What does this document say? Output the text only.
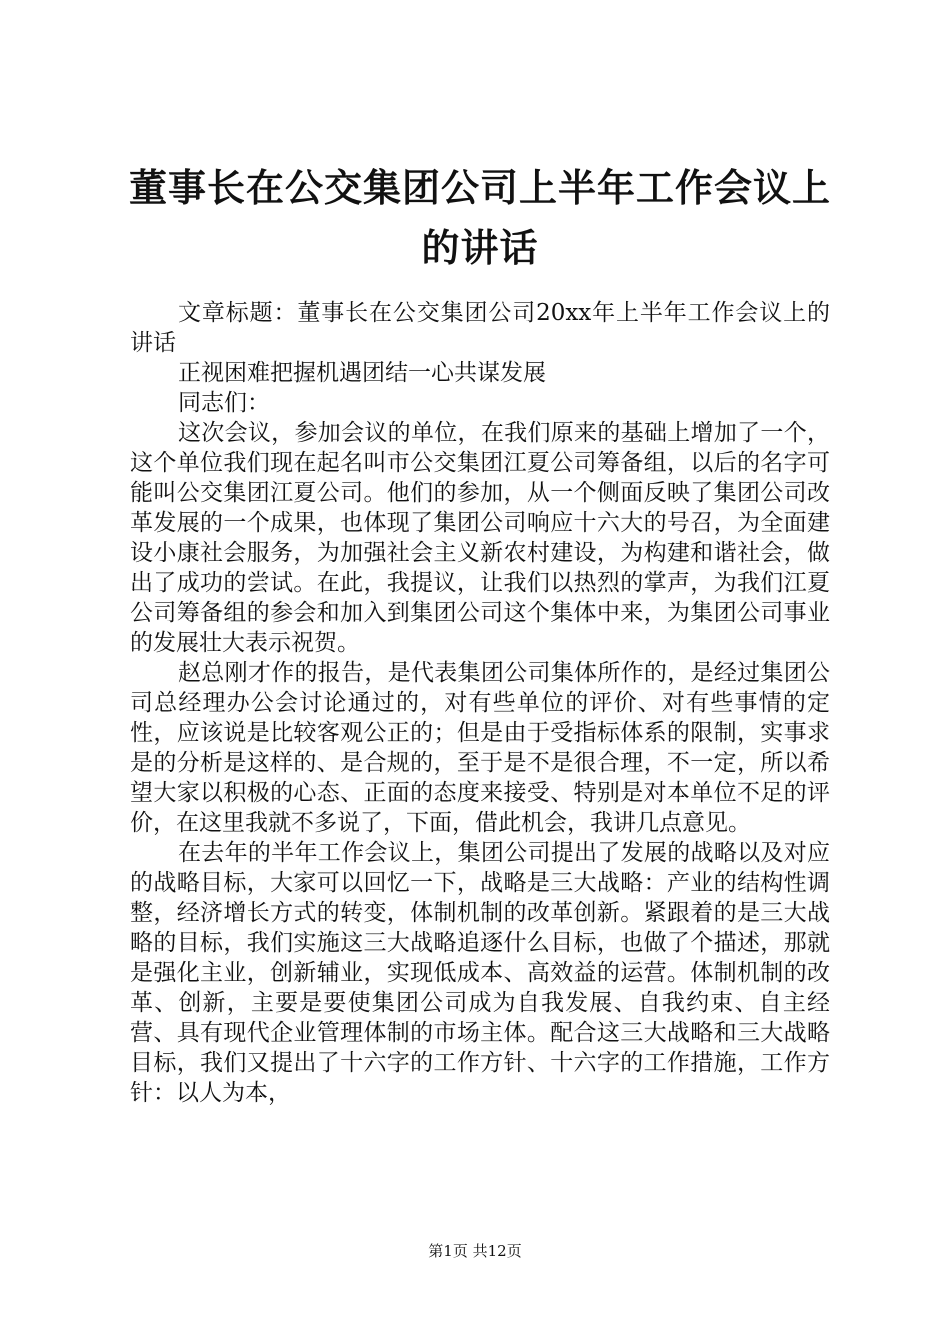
董事长在公交集团公司上半年工作会议上的讲话

文章标题：董事长在公交集团公司20xx年上半年工作会议上的讲话

正视困难把握机遇团结一心共谋发展

同志们：

这次会议，参加会议的单位，在我们原来的基础上增加了一个，这个单位我们现在起名叫市公交集团江夏公司筹备组，以后的名字可能叫公交集团江夏公司。他们的参加，从一个侧面反映了集团公司改革发展的一个成果，也体现了集团公司响应十六大的号召，为全面建设小康社会服务，为加强社会主义新农村建设，为构建和谐社会，做出了成功的尝试。在此，我提议，让我们以热烈的掌声，为我们江夏公司筹备组的参会和加入到集团公司这个集体中来，为集团公司事业的发展壮大表示祝贺。

赵总刚才作的报告，是代表集团公司集体所作的，是经过集团公司总经理办公会讨论通过的，对有些单位的评价、对有些事情的定性，应该说是比较客观公正的；但是由于受指标体系的限制，实事求是的分析是这样的、是合规的，至于是不是很合理，不一定，所以希望大家以积极的心态、正面的态度来接受、特别是对本单位不足的评价，在这里我就不多说了，下面，借此机会，我讲几点意见。

在去年的半年工作会议上，集团公司提出了发展的战略以及对应的战略目标，大家可以回忆一下，战略是三大战略：产业的结构性调整，经济增长方式的转变，体制机制的改革创新。紧跟着的是三大战略的目标，我们实施这三大战略追逐什么目标，也做了个描述，那就是强化主业，创新辅业，实现低成本、高效益的运营。体制机制的改革、创新，主要是要使集团公司成为自我发展、自我约束、自主经营、具有现代企业管理体制的市场主体。配合这三大战略和三大战略目标，我们又提出了十六字的工作方针、十六字的工作措施，工作方针：以人为本，

第1页 共12页
